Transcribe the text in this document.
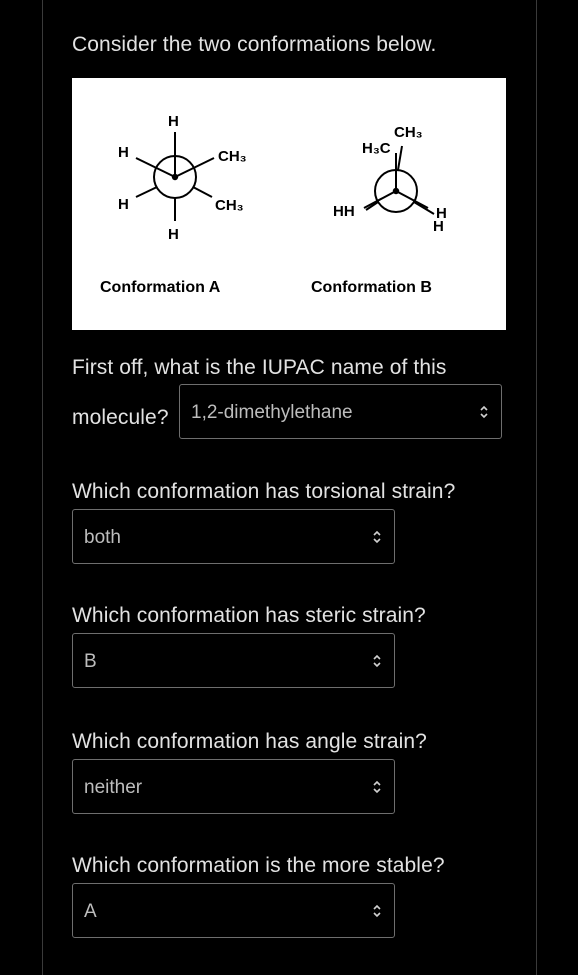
Consider the two conformations below.
H
H	CH₃
H	CH₃
H
Conformation A
CH₃
H₃C
HH	H
H
Conformation B
First off, what is the IUPAC name of this
molecule? 1,2-dimethylethane
Which conformation has torsional strain?
both
Which conformation has steric strain?
B
Which conformation has angle strain?
neither
Which conformation is the more stable?
A
